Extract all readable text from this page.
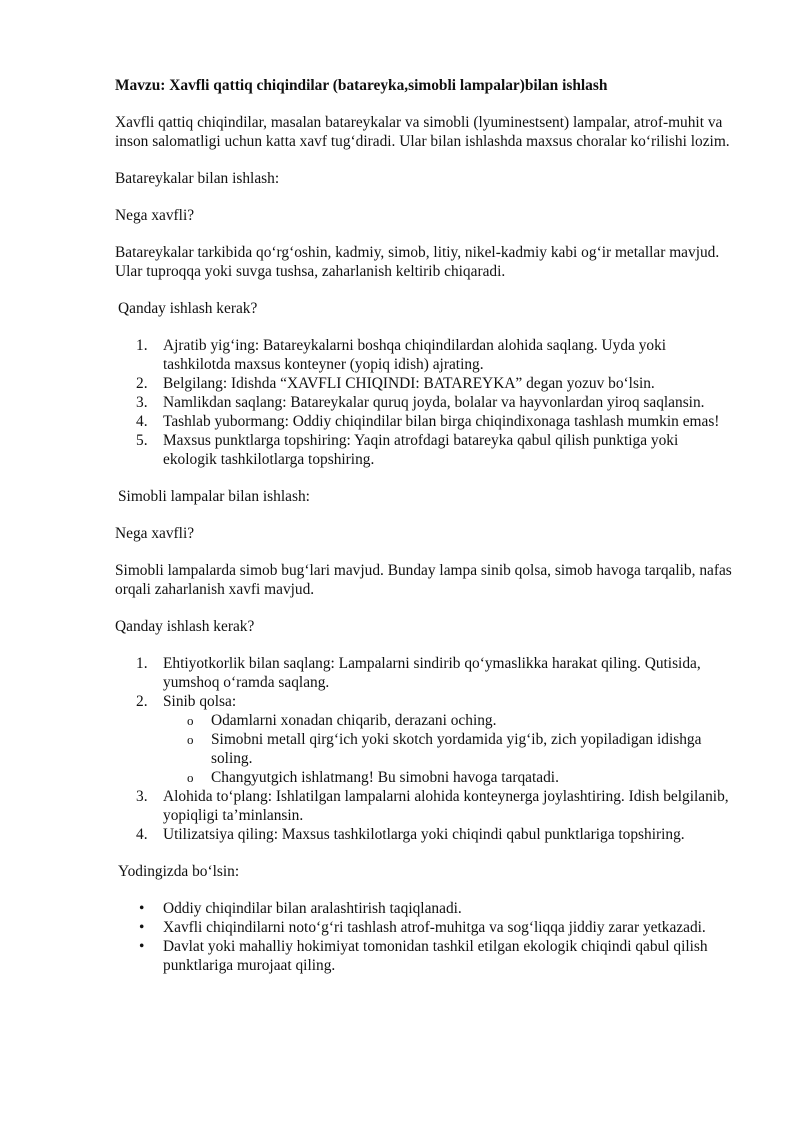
Mavzu: Xavfli qattiq chiqindilar (batareyka,simobli lampalar)bilan ishlash

Xavfli qattiq chiqindilar, masalan batareykalar va simobli (lyuminestsent) lampalar, atrof-muhit va inson salomatligi uchun katta xavf tug‘diradi. Ular bilan ishlashda maxsus choralar ko‘rilishi lozim.

Batareykalar bilan ishlash:

Nega xavfli?

Batareykalar tarkibida qo‘rg‘oshin, kadmiy, simob, litiy, nikel-kadmiy kabi og‘ir metallar mavjud. Ular tuproqqa yoki suvga tushsa, zaharlanish keltirib chiqaradi.

Qanday ishlash kerak?

1. Ajratib yig‘ing: Batareykalarni boshqa chiqindilardan alohida saqlang. Uyda yoki tashkilotda maxsus konteyner (yopiq idish) ajrating.
2. Belgilang: Idishda “XAVFLI CHIQINDI: BATAREYKA” degan yozuv bo‘lsin.
3. Namlikdan saqlang: Batareykalar quruq joyda, bolalar va hayvonlardan yiroq saqlansin.
4. Tashlab yubormang: Oddiy chiqindilar bilan birga chiqindixonaga tashlash mumkin emas!
5. Maxsus punktlarga topshiring: Yaqin atrofdagi batareyka qabul qilish punktiga yoki ekologik tashkilotlarga topshiring.

Simobli lampalar bilan ishlash:

Nega xavfli?

Simobli lampalarda simob bug‘lari mavjud. Bunday lampa sinib qolsa, simob havoga tarqalib, nafas orqali zaharlanish xavfi mavjud.

Qanday ishlash kerak?

1. Ehtiyotkorlik bilan saqlang: Lampalarni sindirib qo‘ymaslikka harakat qiling. Qutisida, yumshoq o‘ramda saqlang.
2. Sinib qolsa:
o Odamlarni xonadan chiqarib, derazani oching.
o Simobni metall qirg‘ich yoki skotch yordamida yig‘ib, zich yopiladigan idishga soling.
o Changyutgich ishlatmang! Bu simobni havoga tarqatadi.
3. Alohida to‘plang: Ishlatilgan lampalarni alohida konteynerga joylashtiring. Idish belgilanib, yopiqligi ta’minlansin.
4. Utilizatsiya qiling: Maxsus tashkilotlarga yoki chiqindi qabul punktlariga topshiring.

Yodingizda bo‘lsin:

• Oddiy chiqindilar bilan aralashtirish taqiqlanadi.
• Xavfli chiqindilarni noto‘g‘ri tashlash atrof-muhitga va sog‘liqqa jiddiy zarar yetkazadi.
• Davlat yoki mahalliy hokimiyat tomonidan tashkil etilgan ekologik chiqindi qabul qilish punktlariga murojaat qiling.
